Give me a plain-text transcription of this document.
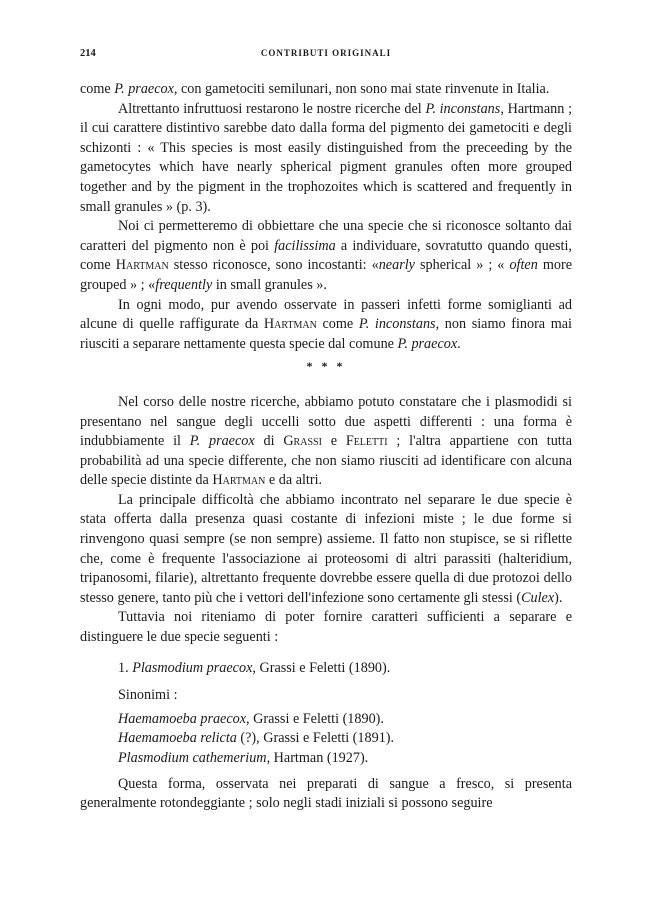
214	CONTRIBUTI ORIGINALI

come P. praecox, con gametociti semilunari, non sono mai state rinvenute in Italia.

Altrettanto infruttuosi restarono le nostre ricerche del P. inconstans, Hartmann ; il cui carattere distintivo sarebbe dato dalla forma del pigmento dei gametociti e degli schizonti : « This species is most easily distinguished from the preceeding by the gametocytes which have nearly spherical pigment granules often more grouped together and by the pigment in the trophozoites which is scattered and frequently in small granules » (p. 3).

Noi ci permetteremo di obbiettare che una specie che si riconosce soltanto dai caratteri del pigmento non è poi facilissima a individuare, sovratutto quando questi, come Hartman stesso riconosce, sono incostanti: «nearly spherical » ; « often more grouped » ; «frequently in small granules ».

In ogni modo, pur avendo osservate in passeri infetti forme somiglianti ad alcune di quelle raffigurate da Hartman come P. inconstans, non siamo finora mai riusciti a separare nettamente questa specie dal comune P. praecox.

* * *

Nel corso delle nostre ricerche, abbiamo potuto constatare che i plasmodidi si presentano nel sangue degli uccelli sotto due aspetti differenti : una forma è indubbiamente il P. praecox di Grassi e Feletti ; l'altra appartiene con tutta probabilità ad una specie differente, che non siamo riusciti ad identificare con alcuna delle specie distinte da Hartman e da altri.

La principale difficoltà che abbiamo incontrato nel separare le due specie è stata offerta dalla presenza quasi costante di infezioni miste ; le due forme si rinvengono quasi sempre (se non sempre) assieme. Il fatto non stupisce, se si riflette che, come è frequente l'associazione ai proteosomi di altri parassiti (halteridium, tripanosomi, filarie), altrettanto frequente dovrebbe essere quella di due protozoi dello stesso genere, tanto più che i vettori dell'infezione sono certamente gli stessi (Culex).

Tuttavia noi riteniamo di poter fornire caratteri sufficienti a separare e distinguere le due specie seguenti :

1. Plasmodium praecox, Grassi e Feletti (1890).

Sinonimi :

Haemamoeba praecox, Grassi e Feletti (1890).
Haemamoeba relicta (?), Grassi e Feletti (1891).
Plasmodium cathemerium, Hartman (1927).

Questa forma, osservata nei preparati di sangue a fresco, si presenta generalmente rotondeggiante ; solo negli stadi iniziali si possono seguire
